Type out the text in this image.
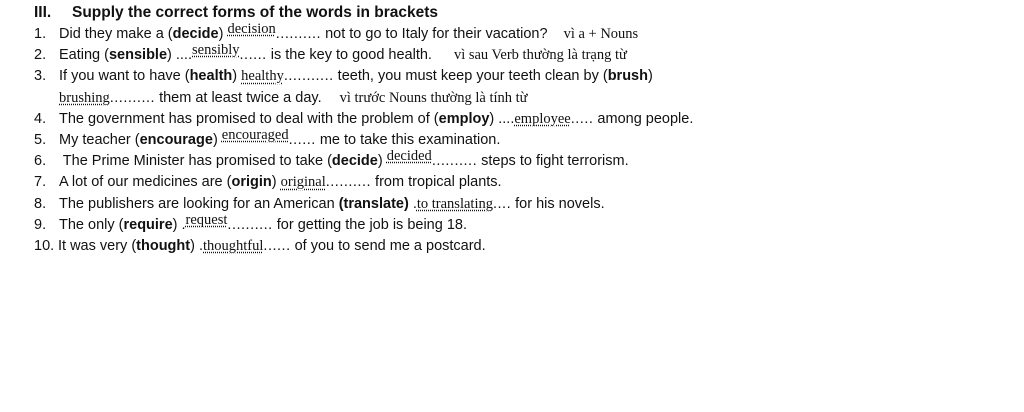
III. Supply the correct forms of the words in brackets
1. Did they make a (decide) decision.......... not to go to Italy for their vacation? vì a + Nouns
2. Eating (sensible) ....sensibly...... is the key to good health. vì sau Verb thường là trạng từ
3. If you want to have (health) healthy........... teeth, you must keep your teeth clean by (brush)
brushing.......... them at least twice a day. vì trước Nouns thường là tính từ
4. The government has promised to deal with the problem of (employ) ....employee..... among people.
5. My teacher (encourage) encouraged...... me to take this examination.
6. The Prime Minister has promised to take (decide) decided.......... steps to fight terrorism.
7. A lot of our medicines are (origin) original.......... from tropical plants.
8. The publishers are looking for an American (translate) .to translating.... for his novels.
9. The only (require) .request.......... for getting the job is being 18.
10. It was very (thought) .thoughtful...... of you to send me a postcard.
